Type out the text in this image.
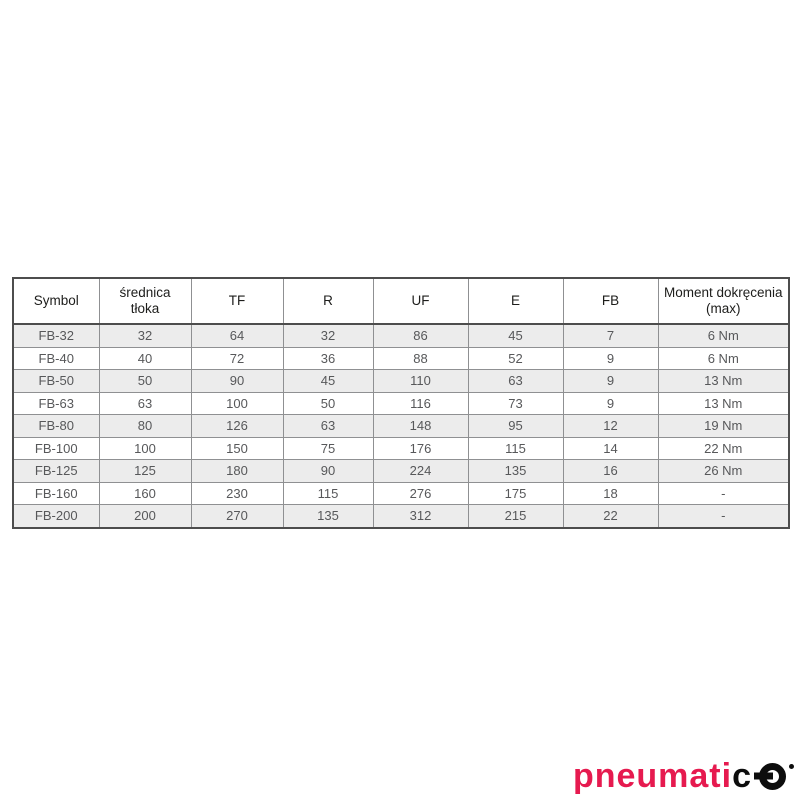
Symbol	średnica tłoka	TF	R	UF	E	FB	Moment dokręcenia (max)
FB-32	32	64	32	86	45	7	6 Nm
FB-40	40	72	36	88	52	9	6 Nm
FB-50	50	90	45	110	63	9	13 Nm
FB-63	63	100	50	116	73	9	13 Nm
FB-80	80	126	63	148	95	12	19 Nm
FB-100	100	150	75	176	115	14	22 Nm
FB-125	125	180	90	224	135	16	26 Nm
FB-160	160	230	115	276	175	18	-
FB-200	200	270	135	312	215	22	-
pneumati c
